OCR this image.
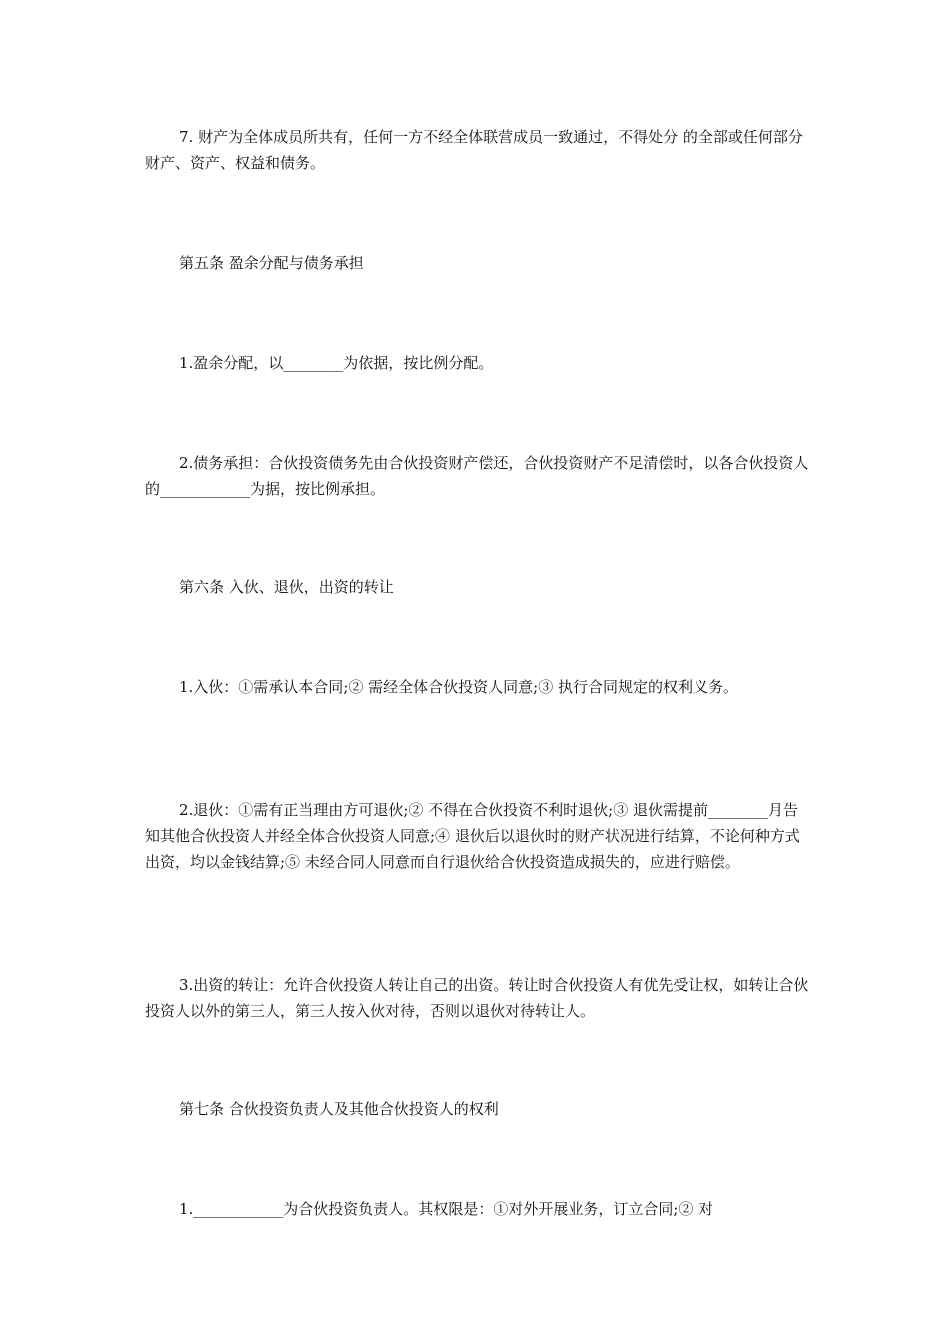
7. 财产为全体成员所共有，任何一方不经全体联营成员一致通过，不得处分 的全部或任何部分财产、资产、权益和债务。

第五条 盈余分配与债务承担

1.盈余分配，以________为依据，按比例分配。

2.债务承担：合伙投资债务先由合伙投资财产偿还，合伙投资财产不足清偿时，以各合伙投资人的____________为据，按比例承担。

第六条 入伙、退伙，出资的转让

1.入伙：①需承认本合同;② 需经全体合伙投资人同意;③ 执行合同规定的权利义务。

2.退伙：①需有正当理由方可退伙;② 不得在合伙投资不利时退伙;③ 退伙需提前________月告知其他合伙投资人并经全体合伙投资人同意;④ 退伙后以退伙时的财产状况进行结算，不论何种方式出资，均以金钱结算;⑤ 未经合同人同意而自行退伙给合伙投资造成损失的，应进行赔偿。

3.出资的转让：允许合伙投资人转让自己的出资。转让时合伙投资人有优先受让权，如转让合伙投资人以外的第三人，第三人按入伙对待，否则以退伙对待转让人。

第七条 合伙投资负责人及其他合伙投资人的权利

1.____________为合伙投资负责人。其权限是：①对外开展业务，订立合同;② 对
